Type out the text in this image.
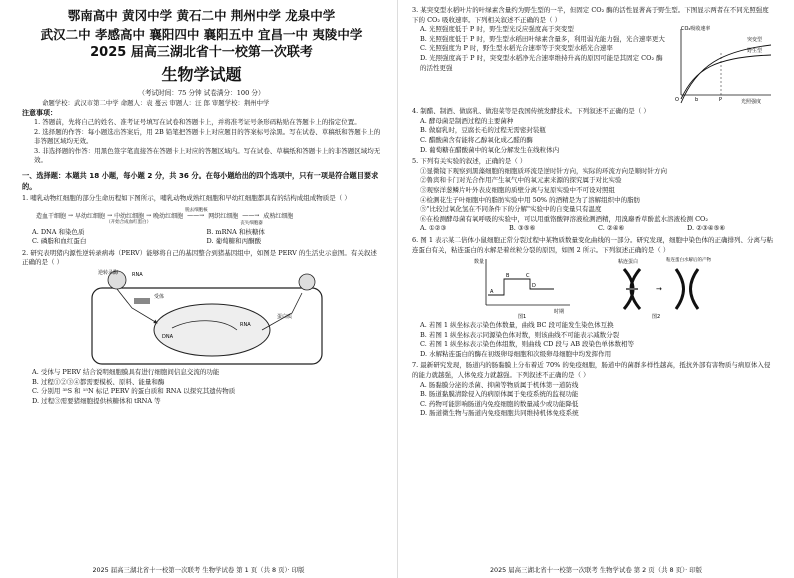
鄂南高中 黄冈中学 黄石二中 荆州中学 龙泉中学
武汉二中 孝感高中 襄阳四中 襄阳五中 宜昌一中 夷陵中学
2025 届高三湖北省十一校第一次联考
生物学试题
（考试时间：75 分钟 试卷满分：100 分）
命题学校：武汉市第二中学 命题人：袁 蔓云 审题人：汪 郎 审题学校：荆州中学
注意事项：
1. 答题前，先将自己的姓名、准考证号填写在试卷和答题卡上，并将准考证号条形码粘贴在答题卡上的指定位置。
2. 选择题的作答：每小题选出答案后，用 2B 铅笔把答题卡上对应题目的答案标号涂黑。写在试卷、草稿纸和答题卡上的非答题区域均无效。
3. 非选择题的作答：用黑色签字笔直接答在答题卡上对应的答题区域内。写在试卷、草稿纸和答题卡上的非答题区域均无效。
一、选择题：本题共 18 小题，每小题 2 分，共 36 分。在每小题给出的四个选项中，只有一项是符合题目要求的。
1. 哺乳动物红细胞的部分生命历程如下图所示，哺乳动物成熟红细胞和早幼红细胞都具有的结构成组成物质是（ ）
造血干细胞 → 早幼红细胞 → 中幼红细胞
（开始合成血红蛋白）
→ 晚幼红细胞 ——→
脱去细胞核
网织红细胞 ——→
丧失细胞器
成熟红细胞
A. DNA 和染色质	B. mRNA 和核糖体
C. 磷脂和血红蛋白	D. 葡萄糖和丙酮酸
2. 研究表明猪内源性逆转录病毒（PERV）能够将自己的基因整合到猪基因组中，如图是 PERV 的生活史示意图。有关叙述正确的是（ ）
逆转录酶	RNA
受体
DNA
RNA
蛋白质
A. 受体与 PERV 结合说明细胞膜具有进行细胞间信息交流的功能
B. 过程①②③④都需要模板、原料、能量和酶
C. 分别用 ³⁵S 和 ¹⁵N 标记 PERV 的蛋白质和 RNA 以探究其遗传物质
D. 过程③需要猪细胞提供核糖体和 tRNA 等
2025 届高三湖北省十一校第一次联考 生物学试卷 第 1 页（共 8 页）· 印版
3. 某突变型水稻叶片的叶绿素含量约为野生型的一半，但固定 CO₂ 酶的活性显著高于野生型。下图显示两者在不同光照强度下的 CO₂ 吸收速率。下列相关叙述不正确的是（ ）
A. 光照强度低于 P 时，野生型光反应强度高于突变型
B. 光照强度低于 P 时，野生型水稻田叶绿素含量多，利用弱光能力强，光合速率更大
C. 光照强度为 P 时，野生型水稻光合速率等于突变型水稻光合速率
D. 光照强度高于 P 时，突变型水稻净光合速率维持升高的原因可能是其固定 CO₂ 酶的活性更强
CO₂吸收速率
光照强度
突变型
野生型
O	b	P
4. 制醋、制酒、做腐乳、做泡菜等是我国传统发酵技术。下列叙述不正确的是（ ）
A. 酵母菌是制酒过程的主要菌种
B. 做腐乳时，豆腐长毛的过程无需密封装瓶
C. 醋酸菌含有能将乙醇氧化成乙醛的酶
D. 葡萄糖在醋酸菌中的氧化分解发生在线粒体内
5. 下列有关实验的叙述，正确的是（ ）
①显微镜下观察到黑藻细胞的细胞质环流是逆时针方向，实际的环流方向是顺时针方向
②鲁宾和卡门对光合作用产生氧气中的氧元素来源的探究属于对比实验
③观察洋葱鳞片叶外表皮细胞的质壁分离与复原实验中不可设对照组
④检测花生子叶细胞中的脂肪实验中用 50% 的酒精是为了溶解组织中的脂肪
⑤"比较过氧化氢在不同条件下的分解"实验中的自变量只有温度
⑥在检测酵母菌有氧呼吸的实验中，可以用重铬酸钾溶液检测酒精，用溴麝香草酚蓝水溶液检测 CO₂
A. ①②③	B. ③⑤⑥	C. ②④⑥	D. ②③④⑤⑥
6. 图 1 表示某二倍体小鼠细胞正常分裂过程中某物质数量变化曲线的一部分。研究发现，细胞中染色体的正确排列、分离与粘连蛋白有关，粘连蛋白的水解是着丝粒分裂的原因，如图 2 所示。下列叙述正确的是（ ）
数量
A
B	C
D
时期
图1
→
粘连蛋白	粘连蛋白水解后的产物
图2
A. 若图 1 纵坐标表示染色体数量，曲线 BC 段可能发生染色体互换
B. 若图 1 纵坐标表示同源染色体对数，则该曲线不可能表示减数分裂
C. 若图 1 纵坐标表示染色体组数，则曲线 CD 段与 AB 段染色单体数相等
D. 水解粘连蛋白的酶在初级卵母细胞和次级卵母细胞中均发挥作用
7. 最新研究发现，肠道内的肠黏膜上分布着近 70% 的免疫细胞，肠道中的菌群多样性越高，抵抗外部有害物质与病原体入侵的能力就越强，人体免疫力就越强。下列叙述不正确的是（ ）
A. 肠黏膜分泌的杀菌、抑菌等物质属于机体第一道防线
B. 肠道黏膜清除侵入的病原体属于免疫系统的监视功能
C. 药物可能影响肠道内免疫细胞的数量减少或功能降低
D. 肠道微生物与肠道内免疫细胞共同维持机体免疫系统
2025 届高三湖北省十一校第一次联考 生物学试卷 第 2 页（共 8 页）· 印版
